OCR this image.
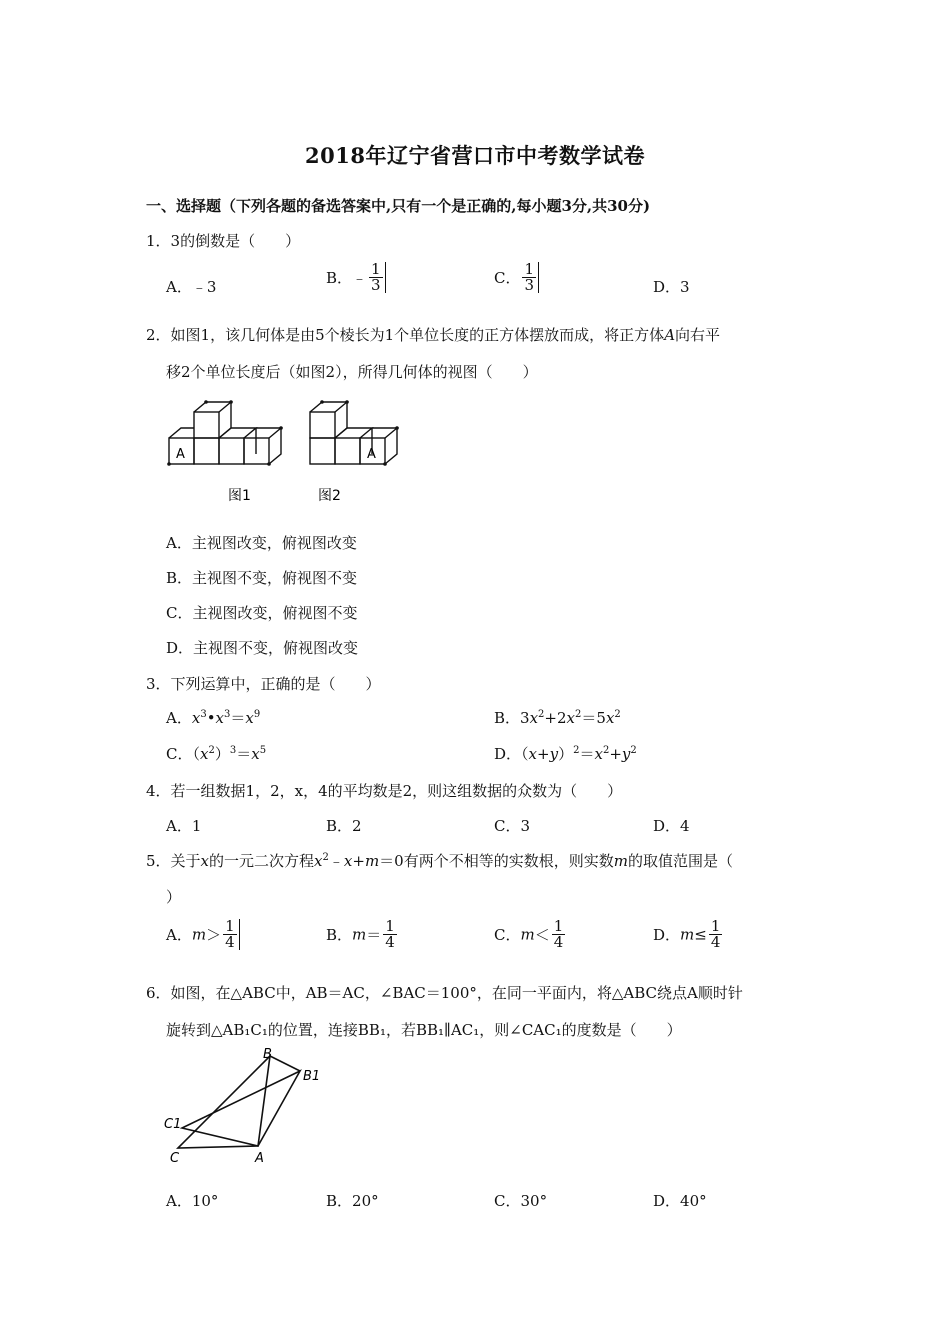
2018年辽宁省营口市中考数学试卷
一、选择题（下列各题的备选答案中,只有一个是正确的,每小题3分,共30分)
1．3的倒数是（　　）
A．﹣3	B．﹣ $\frac{1}{3}$	C． $\frac{1}{3}$	D．3
2．如图1，该几何体是由5个棱长为1个单位长度的正方体摆放而成，将正方体A向右平
移2个单位长度后（如图2），所得几何体的视图（　　）
A	A
图1	图2
A．主视图改变，俯视图改变
B．主视图不变，俯视图不变
C．主视图改变，俯视图不变
D．主视图不变，俯视图改变
3．下列运算中，正确的是（　　）
A．$x^3•x^3=x^9$	B．$3x^2+2x^2=5x^2$
C．$(x^2)^3=x^5$	D．$(x+y)^2=x^2+y^2$
4．若一组数据1，2，x，4的平均数是2，则这组数据的众数为（　　）
A．1	B．2	C．3	D．4
5．关于x的一元二次方程$x^2﹣x+m=0$有两个不相等的实数根，则实数m的取值范围是（
）
A．$m> \frac{1}{4}$	B．$m= \frac{1}{4}$	C．$m< \frac{1}{4}$	D．$m\le \frac{1}{4}$
6．如图，在△ABC中，AB＝AC，∠BAC＝100°，在同一平面内，将△ABC绕点A顺时针
旋转到△AB₁C₁的位置，连接BB₁，若BB₁∥AC₁，则∠CAC₁的度数是（　　）
B
B1
C1
C	A
A．10°	B．20°	C．30°	D．40°
